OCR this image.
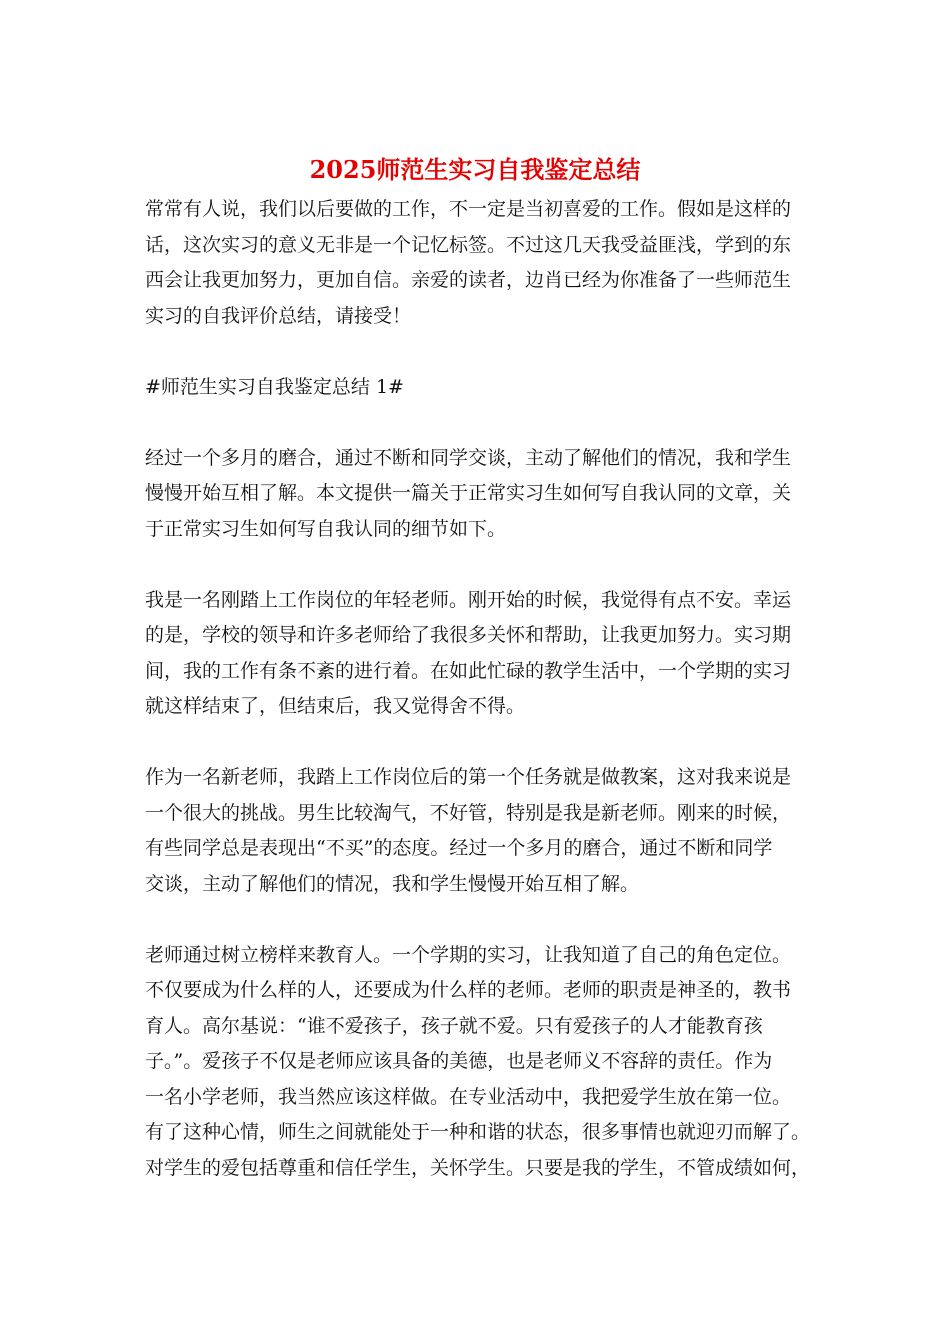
2025师范生实习自我鉴定总结
常常有人说，我们以后要做的工作，不一定是当初喜爱的工作。假如是这样的
话，这次实习的意义无非是一个记忆标签。不过这几天我受益匪浅，学到的东
西会让我更加努力，更加自信。亲爱的读者，边肖已经为你准备了一些师范生
实习的自我评价总结，请接受！
#师范生实习自我鉴定总结 1#
经过一个多月的磨合，通过不断和同学交谈，主动了解他们的情况，我和学生
慢慢开始互相了解。本文提供一篇关于正常实习生如何写自我认同的文章，关
于正常实习生如何写自我认同的细节如下。
我是一名刚踏上工作岗位的年轻老师。刚开始的时候，我觉得有点不安。幸运
的是，学校的领导和许多老师给了我很多关怀和帮助，让我更加努力。实习期
间，我的工作有条不紊的进行着。在如此忙碌的教学生活中，一个学期的实习
就这样结束了，但结束后，我又觉得舍不得。
作为一名新老师，我踏上工作岗位后的第一个任务就是做教案，这对我来说是
一个很大的挑战。男生比较淘气，不好管，特别是我是新老师。刚来的时候，
有些同学总是表现出“不买”的态度。经过一个多月的磨合，通过不断和同学
交谈，主动了解他们的情况，我和学生慢慢开始互相了解。
老师通过树立榜样来教育人。一个学期的实习，让我知道了自己的角色定位。
不仅要成为什么样的人，还要成为什么样的老师。老师的职责是神圣的，教书
育人。高尔基说：“谁不爱孩子，孩子就不爱。只有爱孩子的人才能教育孩
子。”。爱孩子不仅是老师应该具备的美德，也是老师义不容辞的责任。作为
一名小学老师，我当然应该这样做。在专业活动中，我把爱学生放在第一位。
有了这种心情，师生之间就能处于一种和谐的状态，很多事情也就迎刃而解了。
对学生的爱包括尊重和信任学生，关怀学生。只要是我的学生，不管成绩如何，
